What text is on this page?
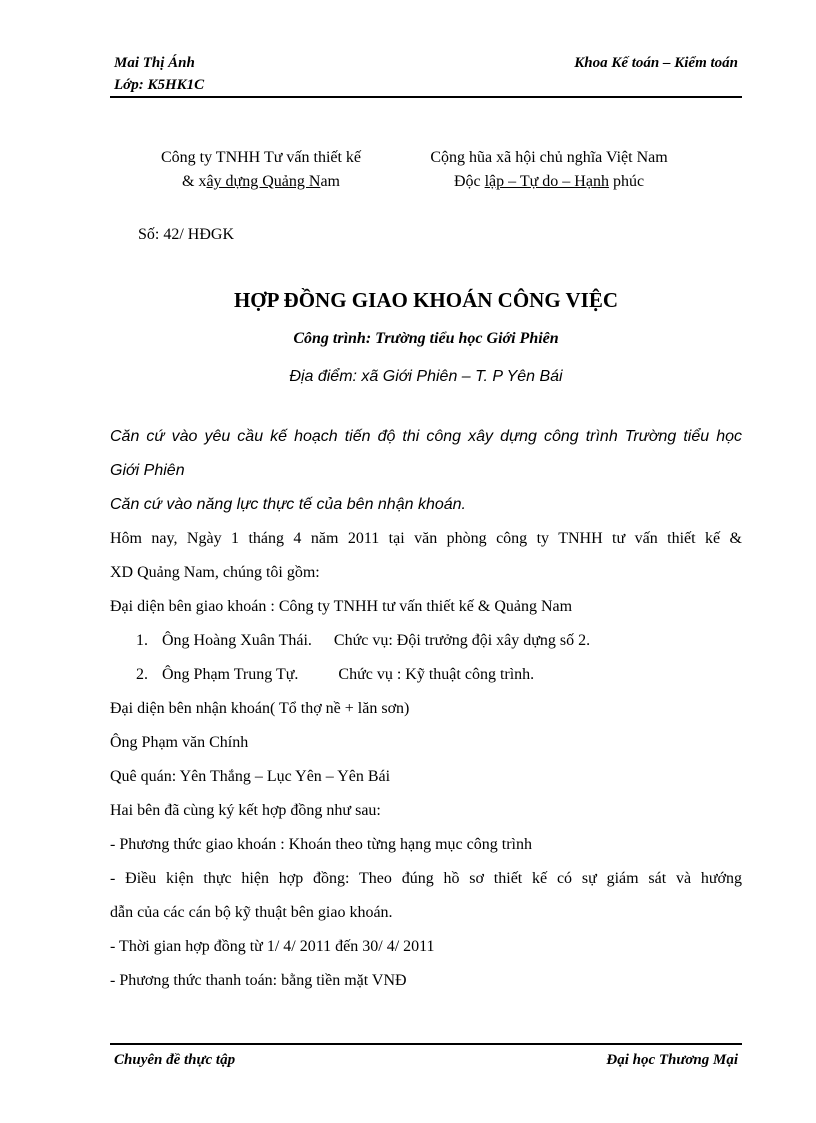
Mai Thị Ánh
Lớp: K5HK1C
Khoa Kế toán – Kiểm toán
Công ty TNHH Tư vấn thiết kế
& xây dựng Quảng Nam
Cộng hũa xã hội chủ nghĩa Việt Nam
Độc lập – Tự do – Hạnh phúc
Số: 42/ HĐGK
HỢP ĐỒNG GIAO KHOÁN CÔNG VIỆC
Công trình: Trường tiểu học Giới Phiên
Địa điểm: xã Giới Phiên – T. P Yên Bái

Căn cứ vào yêu cầu kế hoạch tiến độ thi công xây dựng công trình Trường tiểu học

Giới Phiên

Căn cứ vào năng lực thực tế của bên nhận khoán.

Hôm nay, Ngày 1 tháng 4 năm 2011 tại văn phòng công ty TNHH tư vấn thiết kế &

XD Quảng Nam, chúng tôi gồm:

Đại diện bên giao khoán : Công ty TNHH tư vấn thiết kế & Quảng Nam

1. Ông Hoàng Xuân Thái. Chức vụ: Đội trưởng đội xây dựng số 2.

2. Ông Phạm Trung Tự.	Chức vụ : Kỹ thuật công trình.

Đại diện bên nhận khoán( Tổ thợ nề + lăn sơn)

Ông Phạm văn Chính

Quê quán: Yên Thắng – Lục Yên – Yên Bái

Hai bên đã cùng ký kết hợp đồng như sau:

- Phương thức giao khoán : Khoán theo từng hạng mục công trình

- Điều kiện thực hiện hợp đồng: Theo đúng hồ sơ thiết kế có sự giám sát và hướng

dẫn của các cán bộ kỹ thuật bên giao khoán.

- Thời gian hợp đồng từ 1/ 4/ 2011 đến 30/ 4/ 2011

- Phương thức thanh toán: bằng tiền mặt VNĐ

Chuyên đề thực tập	Đại học Thương Mại
